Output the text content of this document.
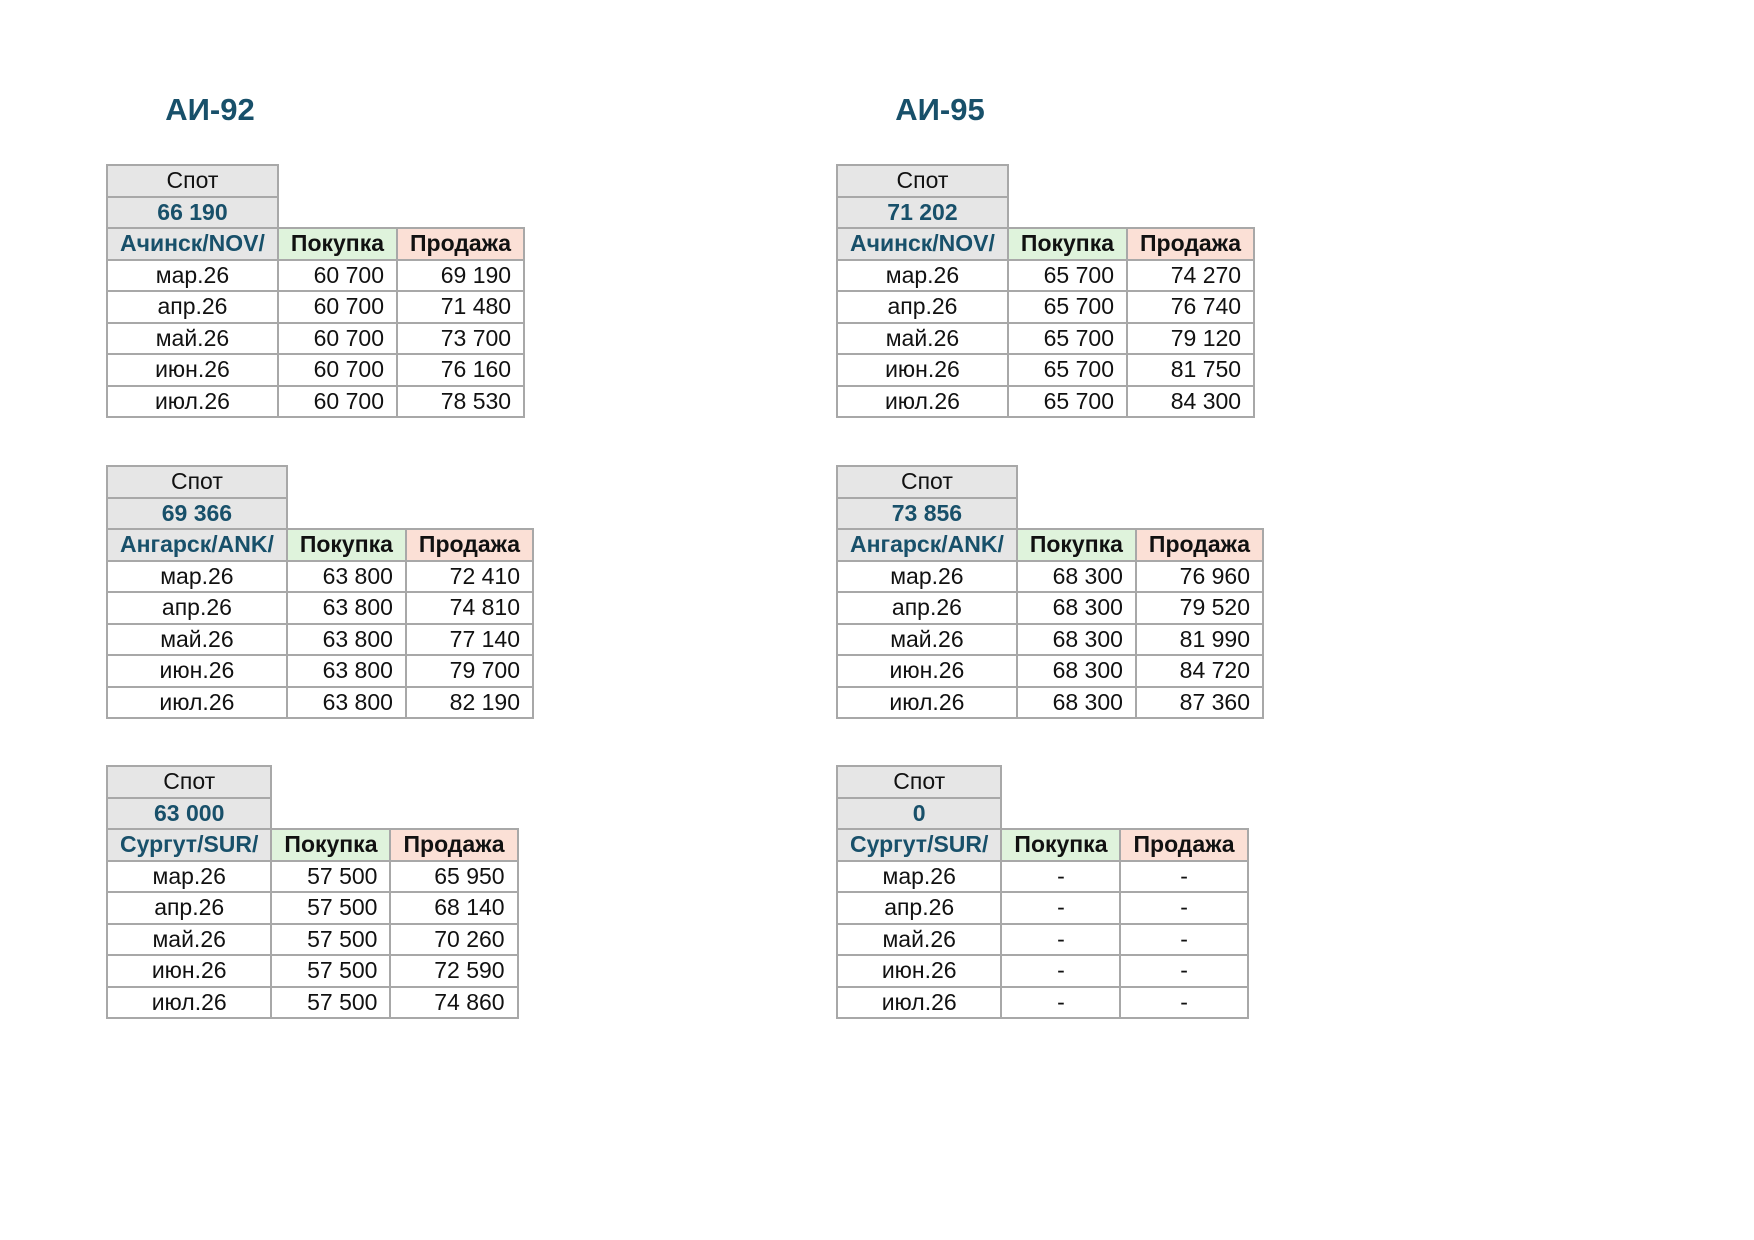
АИ-92
Спот		
66 190		
Ачинск/NOV/	Покупка	Продажа
мар.26	60 700	69 190
апр.26	60 700	71 480
май.26	60 700	73 700
июн.26	60 700	76 160
июл.26	60 700	78 530
Спот		
69 366		
Ангарск/ANK/	Покупка	Продажа
мар.26	63 800	72 410
апр.26	63 800	74 810
май.26	63 800	77 140
июн.26	63 800	79 700
июл.26	63 800	82 190
Спот		
63 000		
Сургут/SUR/	Покупка	Продажа
мар.26	57 500	65 950
апр.26	57 500	68 140
май.26	57 500	70 260
июн.26	57 500	72 590
июл.26	57 500	74 860
АИ-95
Спот		
71 202		
Ачинск/NOV/	Покупка	Продажа
мар.26	65 700	74 270
апр.26	65 700	76 740
май.26	65 700	79 120
июн.26	65 700	81 750
июл.26	65 700	84 300
Спот		
73 856		
Ангарск/ANK/	Покупка	Продажа
мар.26	68 300	76 960
апр.26	68 300	79 520
май.26	68 300	81 990
июн.26	68 300	84 720
июл.26	68 300	87 360
Спот		
0		
Сургут/SUR/	Покупка	Продажа
мар.26	-	-
апр.26	-	-
май.26	-	-
июн.26	-	-
июл.26	-	-
